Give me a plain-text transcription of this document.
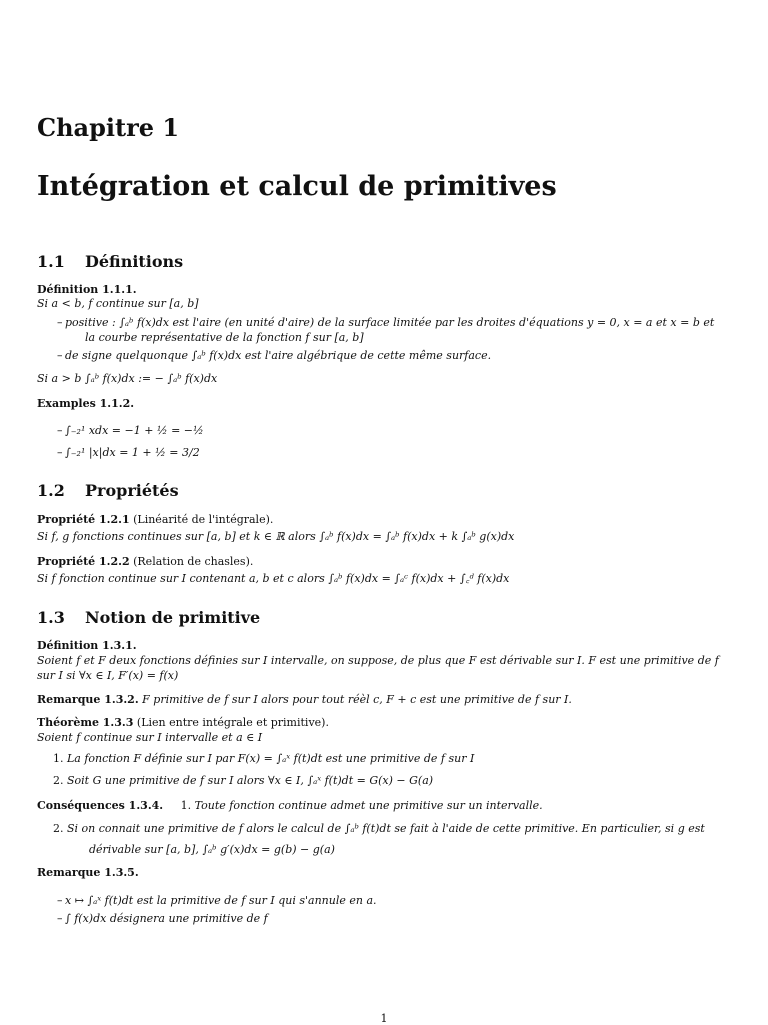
Chapitre 1
Intégration et calcul de primitives
1.1 Définitions
Définition 1.1.1.
Si a < b, f continue sur [a, b]
– positive : ∫ₐᵇ f(x)dx est l'aire (en unité d'aire) de la surface limitée par les droites d'équations y = 0, x = a et x = b et
la courbe représentative de la fonction f sur [a, b]
– de signe quelquonque ∫ₐᵇ f(x)dx est l'aire algébrique de cette même surface.
Si a > b ∫ₐᵇ f(x)dx := − ∫ₐᵇ f(x)dx
Examples 1.1.2.
– ∫₋₂¹ xdx = −1 + ½ = −½
– ∫₋₂¹ |x|dx = 1 + ½ = 3/2
1.2 Propriétés
Propriété 1.2.1 (Linéarité de l'intégrale).
Si f, g fonctions continues sur [a, b] et k ∈ ℝ alors ∫ₐᵇ f(x)dx = ∫ₐᵇ f(x)dx + k ∫ₐᵇ g(x)dx
Propriété 1.2.2 (Relation de chasles).
Si f fonction continue sur I contenant a, b et c alors ∫ₐᵇ f(x)dx = ∫ₐᶜ f(x)dx + ∫꜀ᵈ f(x)dx
1.3 Notion de primitive
Définition 1.3.1.
Soient f et F deux fonctions définies sur I intervalle, on suppose, de plus que F est dérivable sur I. F est une primitive de f
sur I si ∀x ∈ I, F′(x) = f(x)
Remarque 1.3.2. F primitive de f sur I alors pour tout réèl c, F + c est une primitive de f sur I.
Théorème 1.3.3 (Lien entre intégrale et primitive).
Soient f continue sur I intervalle et a ∈ I
1. La fonction F définie sur I par F(x) = ∫ₐˣ f(t)dt est une primitive de f sur I
2. Soit G une primitive de f sur I alors ∀x ∈ I, ∫ₐˣ f(t)dt = G(x) − G(a)
Conséquences 1.3.4. 1. Toute fonction continue admet une primitive sur un intervalle.
2. Si on connait une primitive de f alors le calcul de ∫ₐᵇ f(t)dt se fait à l'aide de cette primitive. En particulier, si g est
dérivable sur [a, b], ∫ₐᵇ g′(x)dx = g(b) − g(a)
Remarque 1.3.5.
– x ↦ ∫ₐˣ f(t)dt est la primitive de f sur I qui s'annule en a.
– ∫ f(x)dx désignera une primitive de f
1
